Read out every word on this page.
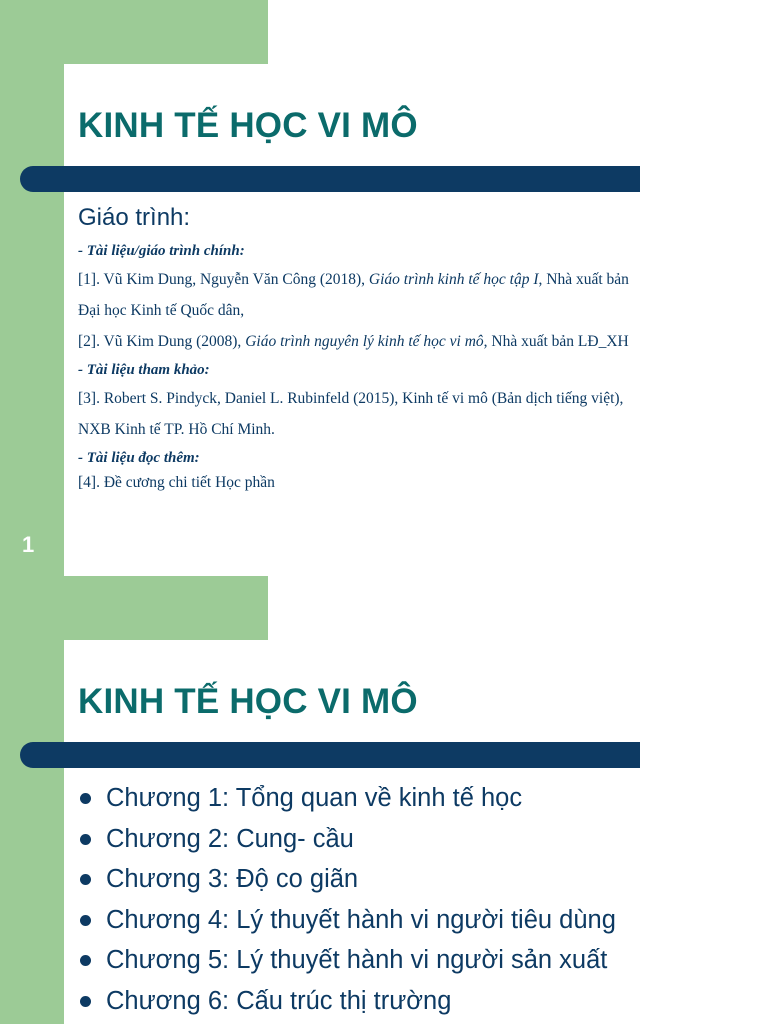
KINH TẾ HỌC VI MÔ

Giáo trình:

- Tài liệu/giáo trình chính:

[1]. Vũ Kim Dung, Nguyễn Văn Công (2018), Giáo trình kinh tế học tập I, Nhà xuất bản
Đại học Kinh tế Quốc dân,

[2]. Vũ Kim Dung (2008), Giáo trình nguyên lý kinh tế học vi mô, Nhà xuất bản LĐ_XH

- Tài liệu tham khảo:

[3]. Robert S. Pindyck, Daniel L. Rubinfeld (2015), Kinh tế vi mô (Bản dịch tiếng việt),
NXB Kinh tế TP. Hồ Chí Minh.

- Tài liệu đọc thêm:

[4]. Đề cương chi tiết Học phần

1
KINH TẾ HỌC VI MÔ
Chương 1: Tổng quan về kinh tế học
Chương 2: Cung- cầu
Chương 3: Độ co giãn
Chương 4: Lý thuyết hành vi người tiêu dùng
Chương 5: Lý thuyết hành vi người sản xuất
Chương 6: Cấu trúc thị trường
